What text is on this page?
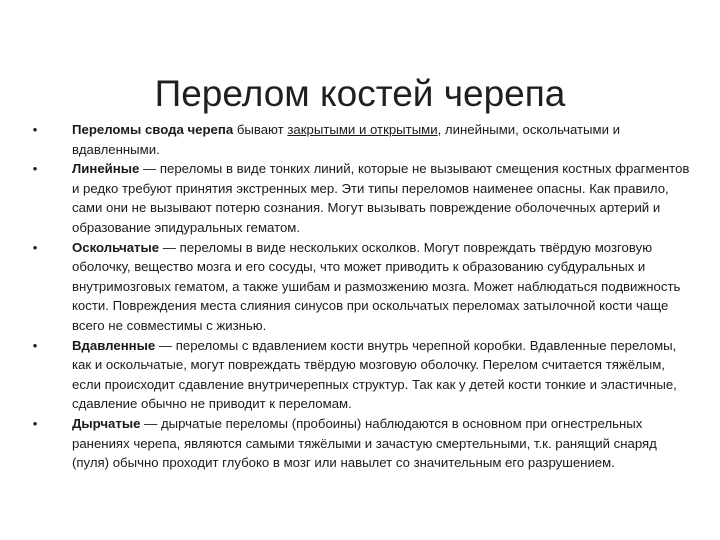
Перелом костей черепа
•	Переломы свода черепа бывают закрытыми и открытыми, линейными, оскольчатыми и вдавленными.
•	Линейные — переломы в виде тонких линий, которые не вызывают смещения костных фрагментов и редко требуют принятия экстренных мер. Эти типы переломов наименее опасны. Как правило, сами они не вызывают потерю сознания. Могут вызывать повреждение оболочечных артерий и образование эпидуральных гематом.
•	Оскольчатые — переломы в виде нескольких осколков. Могут повреждать твёрдую мозговую оболочку, вещество мозга и его сосуды, что может приводить к образованию субдуральных и внутримозговых гематом, а также ушибам и размозжению мозга. Может наблюдаться подвижность кости. Повреждения места слияния синусов при оскольчатых переломах затылочной кости чаще всего не совместимы с жизнью.
•	Вдавленные — переломы с вдавлением кости внутрь черепной коробки. Вдавленные переломы, как и оскольчатые, могут повреждать твёрдую мозговую оболочку. Перелом считается тяжёлым, если происходит сдавление внутричерепных структур. Так как у детей кости тонкие и эластичные, сдавление обычно не приводит к переломам.
•	Дырчатые — дырчатые переломы (пробоины) наблюдаются в основном при огнестрельных ранениях черепа, являются самыми тяжёлыми и зачастую смертельными, т.к. ранящий снаряд (пуля) обычно проходит глубоко в мозг или навылет со значительным его разрушением.
